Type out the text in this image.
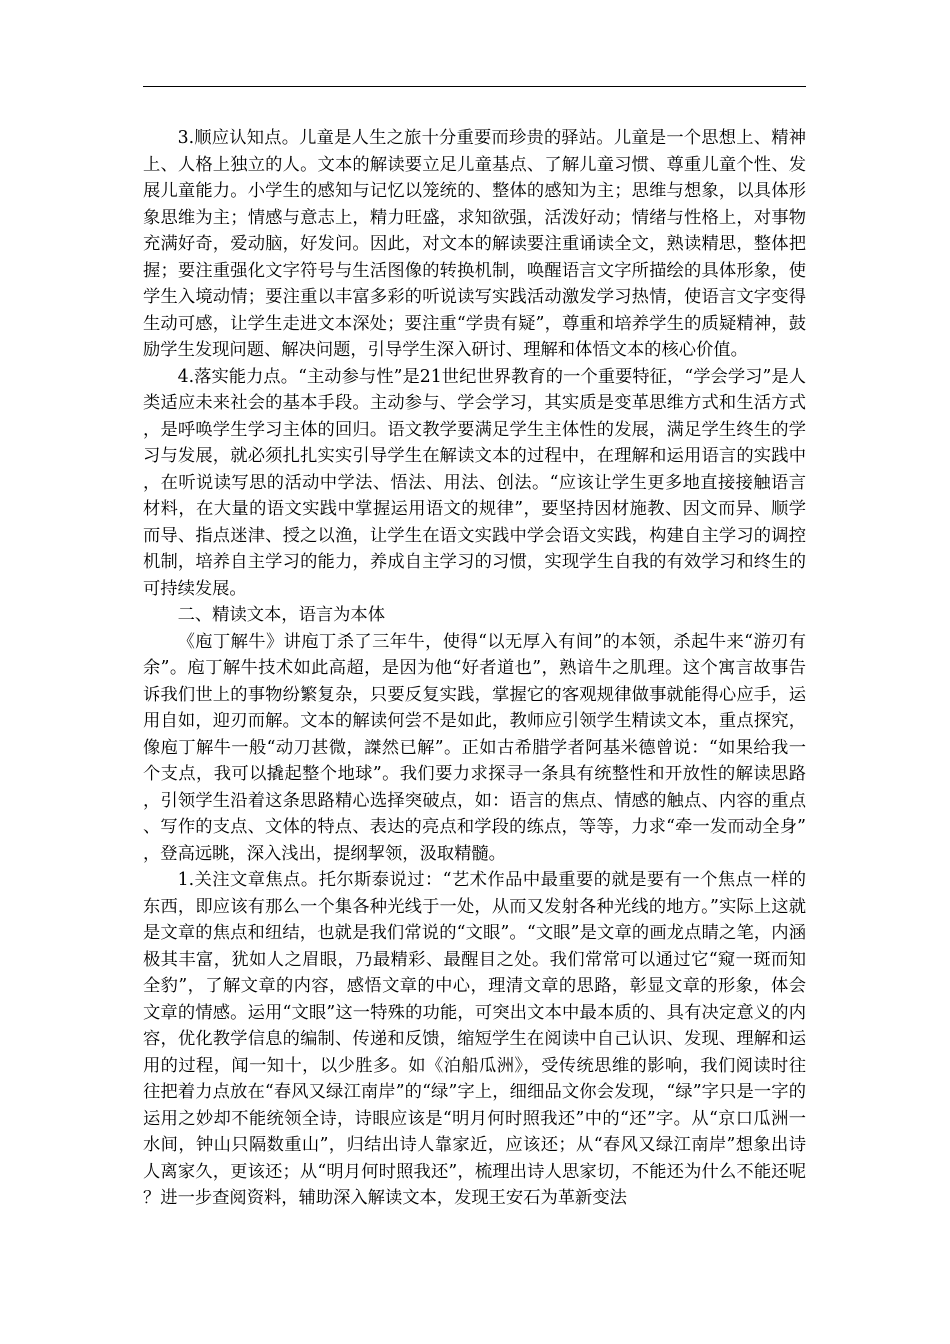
3.顺应认知点。儿童是人生之旅十分重要而珍贵的驿站。儿童是一个思想上、精神上、人格上独立的人。文本的解读要立足儿童基点、了解儿童习惯、尊重儿童个性、发展儿童能力。小学生的感知与记忆以笼统的、整体的感知为主；思维与想象，以具体形象思维为主；情感与意志上，精力旺盛，求知欲强，活泼好动；情绪与性格上，对事物充满好奇，爱动脑，好发问。因此，对文本的解读要注重诵读全文，熟读精思，整体把握；要注重强化文字符号与生活图像的转换机制，唤醒语言文字所描绘的具体形象，使学生入境动情；要注重以丰富多彩的听说读写实践活动激发学习热情，使语言文字变得生动可感，让学生走进文本深处；要注重“学贵有疑”，尊重和培养学生的质疑精神，鼓励学生发现问题、解决问题，引导学生深入研讨、理解和体悟文本的核心价值。

4.落实能力点。“主动参与性”是21世纪世界教育的一个重要特征，“学会学习”是人类适应未来社会的基本手段。主动参与、学会学习，其实质是变革思维方式和生活方式，是呼唤学生学习主体的回归。语文教学要满足学生主体性的发展，满足学生终生的学习与发展，就必须扎扎实实引导学生在解读文本的过程中，在理解和运用语言的实践中，在听说读写思的活动中学法、悟法、用法、创法。“应该让学生更多地直接接触语言材料，在大量的语文实践中掌握运用语文的规律”，要坚持因材施教、因文而异、顺学而导、指点迷津、授之以渔，让学生在语文实践中学会语文实践，构建自主学习的调控机制，培养自主学习的能力，养成自主学习的习惯，实现学生自我的有效学习和终生的可持续发展。

二、精读文本，语言为本体

《庖丁解牛》讲庖丁杀了三年牛，使得“以无厚入有间”的本领，杀起牛来“游刃有余”。庖丁解牛技术如此高超，是因为他“好者道也”，熟谙牛之肌理。这个寓言故事告诉我们世上的事物纷繁复杂，只要反复实践，掌握它的客观规律做事就能得心应手，运用自如，迎刃而解。文本的解读何尝不是如此，教师应引领学生精读文本，重点探究，像庖丁解牛一般“动刀甚微，謋然已解”。正如古希腊学者阿基米德曾说：“如果给我一个支点，我可以撬起整个地球”。我们要力求探寻一条具有统整性和开放性的解读思路，引领学生沿着这条思路精心选择突破点，如：语言的焦点、情感的触点、内容的重点、写作的支点、文体的特点、表达的亮点和学段的练点，等等，力求“牵一发而动全身”，登高远眺，深入浅出，提纲挈领，汲取精髓。

1.关注文章焦点。托尔斯泰说过：“艺术作品中最重要的就是要有一个焦点一样的东西，即应该有那么一个集各种光线于一处，从而又发射各种光线的地方。”实际上这就是文章的焦点和纽结，也就是我们常说的“文眼”。“文眼”是文章的画龙点睛之笔，内涵极其丰富，犹如人之眉眼，乃最精彩、最醒目之处。我们常常可以通过它“窥一斑而知全豹”，了解文章的内容，感悟文章的中心，理清文章的思路，彰显文章的形象，体会文章的情感。运用“文眼”这一特殊的功能，可突出文本中最本质的、具有决定意义的内容，优化教学信息的编制、传递和反馈，缩短学生在阅读中自己认识、发现、理解和运用的过程，闻一知十，以少胜多。如《泊船瓜洲》，受传统思维的影响，我们阅读时往往把着力点放在“春风又绿江南岸”的“绿”字上，细细品文你会发现，“绿”字只是一字的运用之妙却不能统领全诗，诗眼应该是“明月何时照我还”中的“还”字。从“京口瓜洲一水间，钟山只隔数重山”，归结出诗人靠家近，应该还；从“春风又绿江南岸”想象出诗人离家久，更该还；从“明月何时照我还”，梳理出诗人思家切，不能还为什么不能还呢？进一步查阅资料，辅助深入解读文本，发现王安石为革新变法
